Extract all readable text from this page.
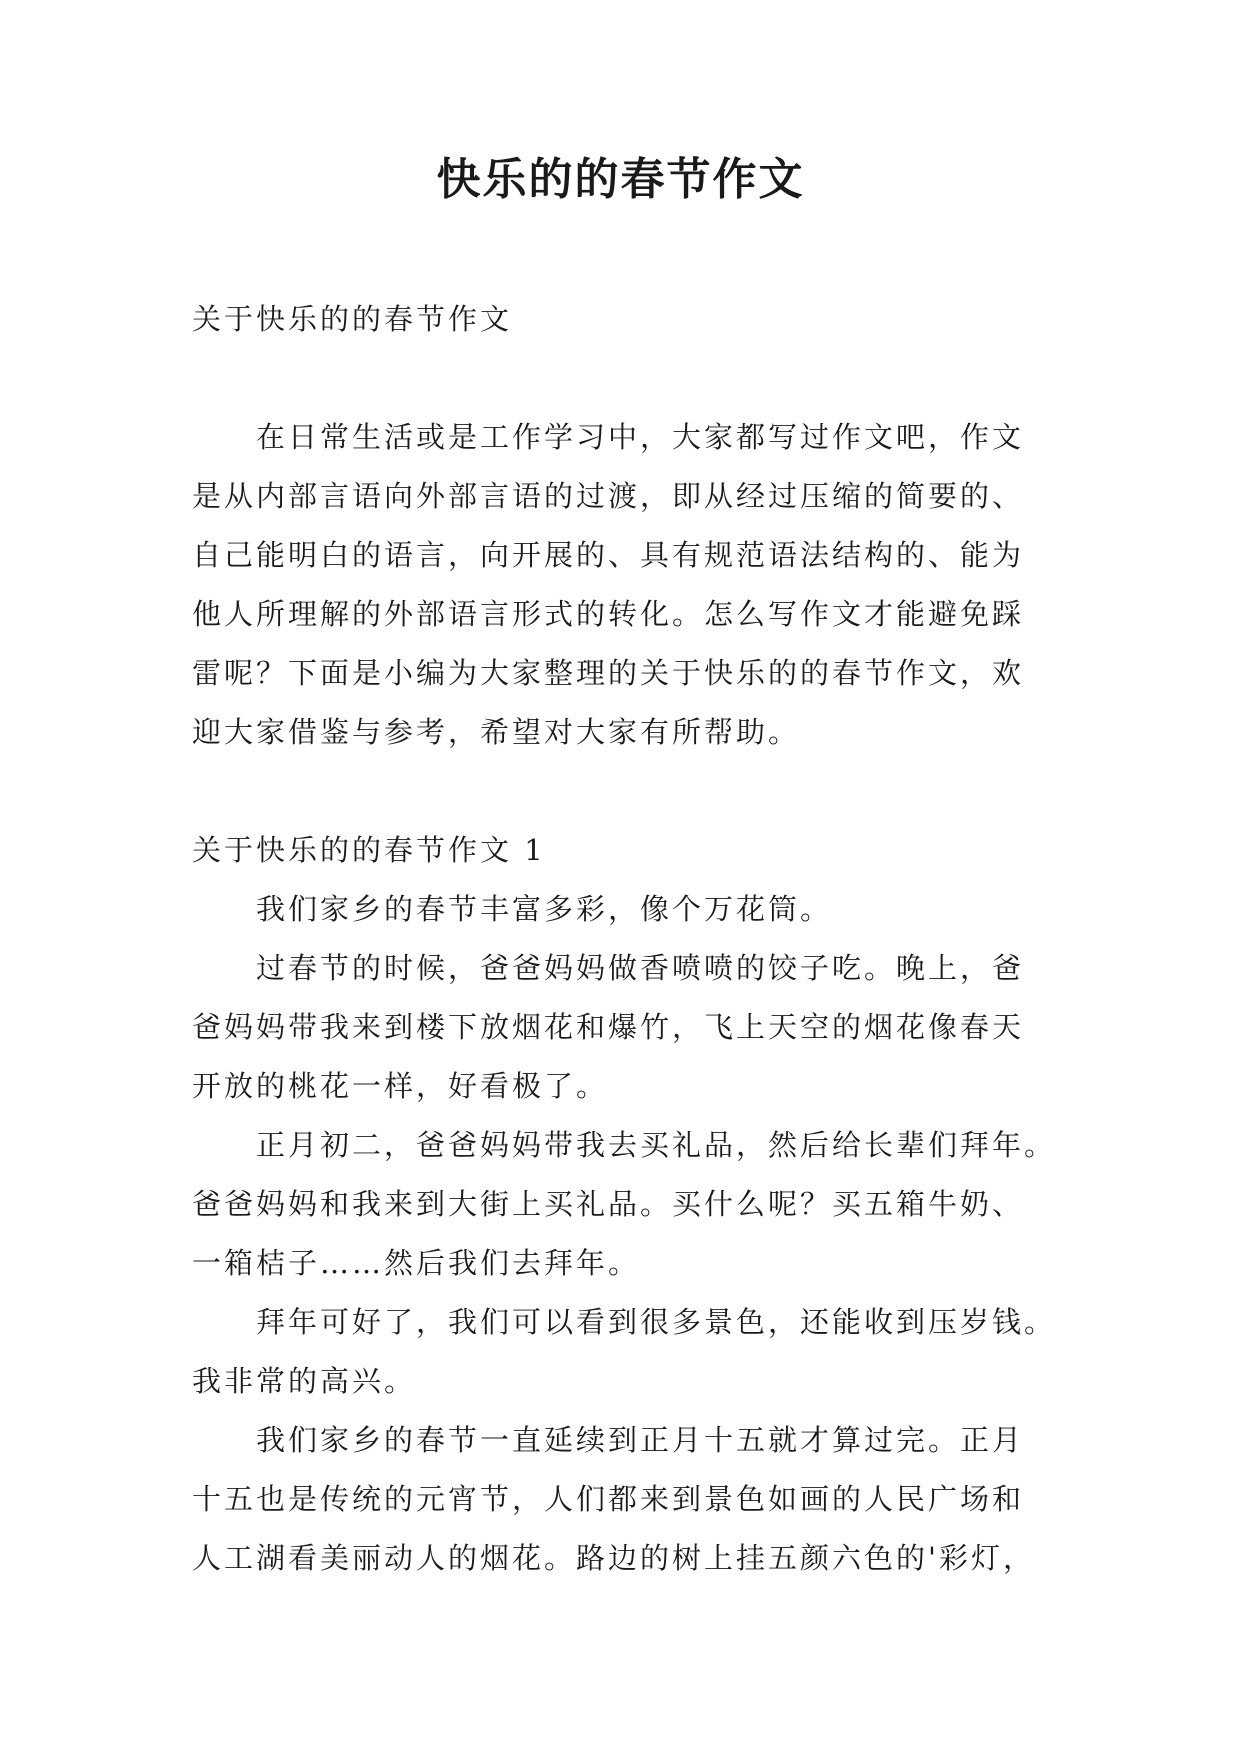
快乐的的春节作文
关于快乐的的春节作文
在日常生活或是工作学习中，大家都写过作文吧，作文
是从内部言语向外部言语的过渡，即从经过压缩的简要的、
自己能明白的语言，向开展的、具有规范语法结构的、能为
他人所理解的外部语言形式的转化。怎么写作文才能避免踩
雷呢？下面是小编为大家整理的关于快乐的的春节作文，欢
迎大家借鉴与参考，希望对大家有所帮助。
关于快乐的的春节作文 1
我们家乡的春节丰富多彩，像个万花筒。
过春节的时候，爸爸妈妈做香喷喷的饺子吃。晚上，爸
爸妈妈带我来到楼下放烟花和爆竹，飞上天空的烟花像春天
开放的桃花一样，好看极了。
正月初二，爸爸妈妈带我去买礼品，然后给长辈们拜年。
爸爸妈妈和我来到大街上买礼品。买什么呢？买五箱牛奶、
一箱桔子……然后我们去拜年。
拜年可好了，我们可以看到很多景色，还能收到压岁钱。
我非常的高兴。
我们家乡的春节一直延续到正月十五就才算过完。正月
十五也是传统的元宵节，人们都来到景色如画的人民广场和
人工湖看美丽动人的烟花。路边的树上挂五颜六色的'彩灯，
